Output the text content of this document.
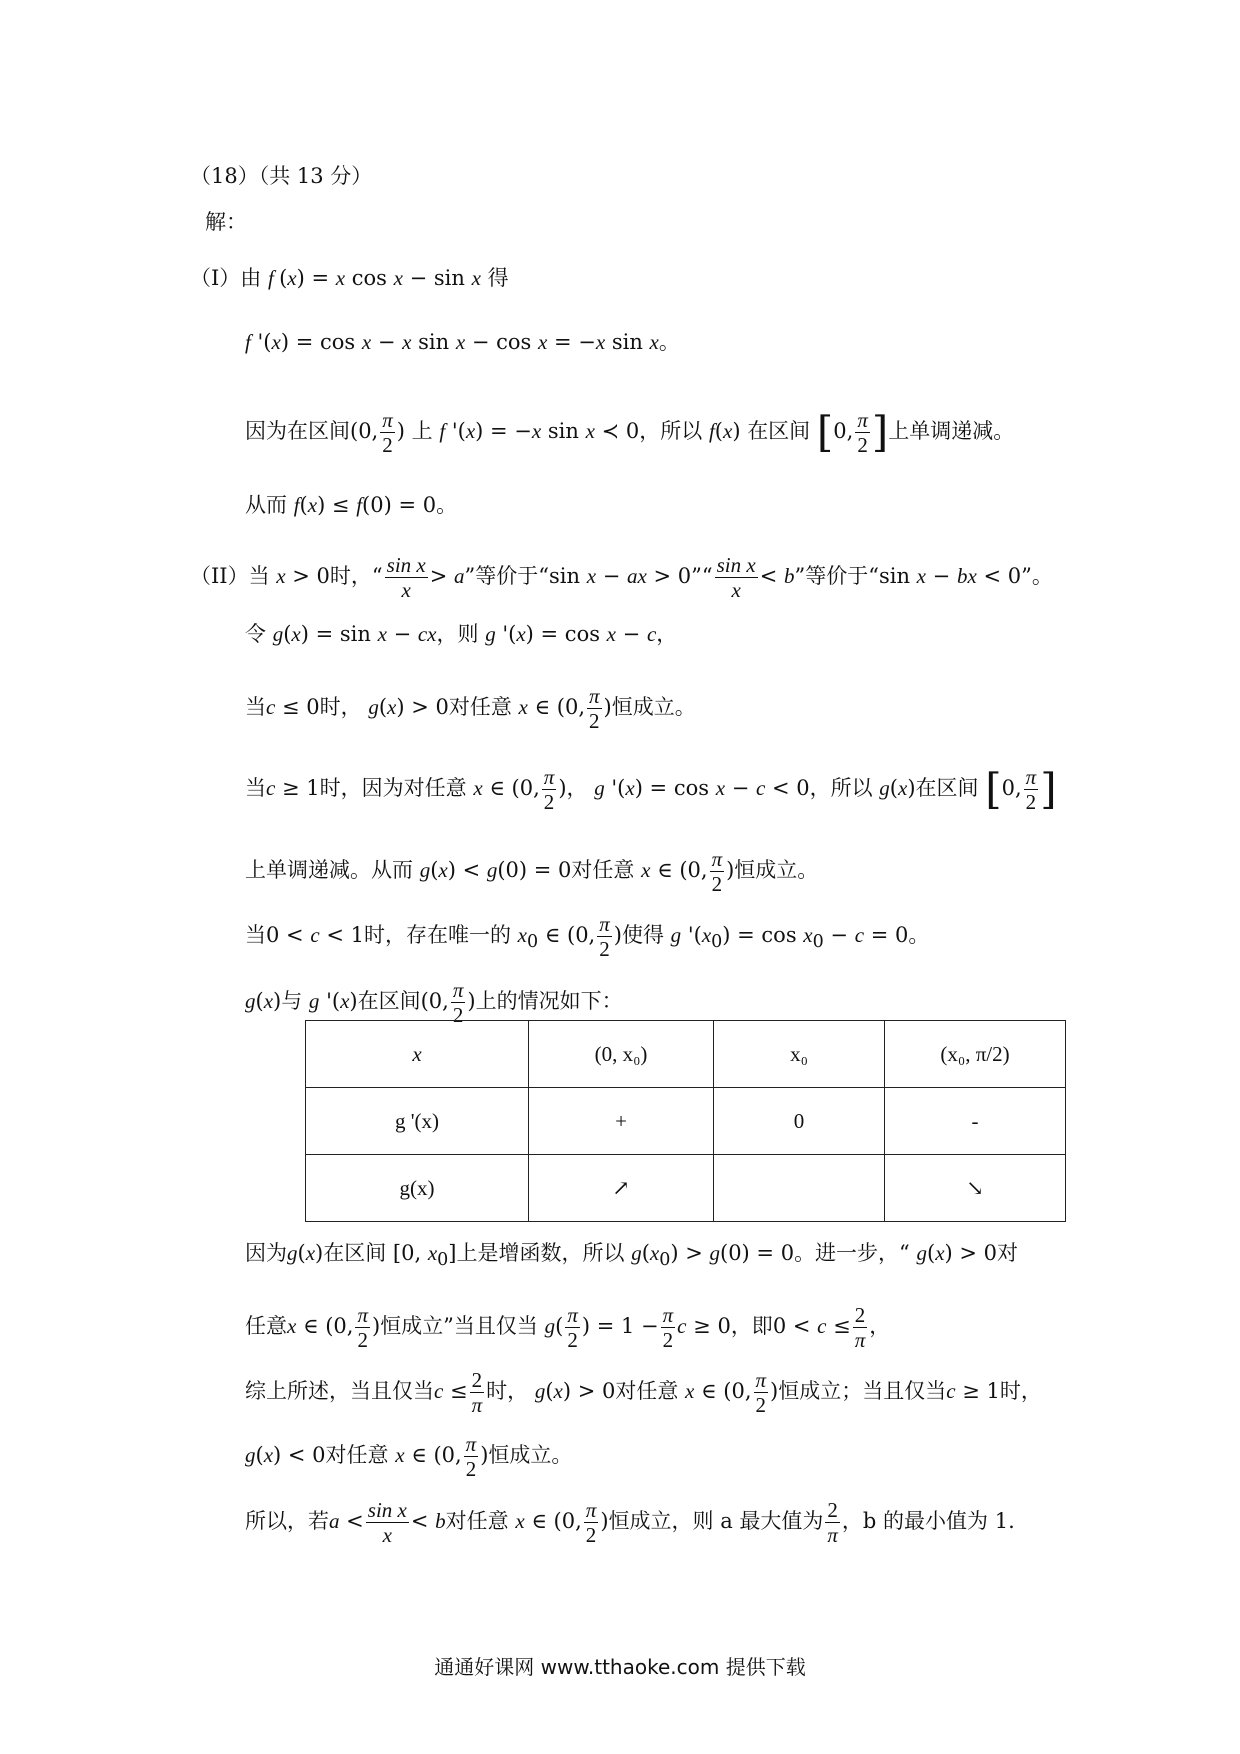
（18）（共 13 分）
解：
（I）由 f (x) = x cos x − sin x 得
f '(x) = cos x − x sin x − cos x = −x sin x。
因为在区间(0, $\frac{\pi}{2}$ ) 上 f '(x) = −x sin x ≺ 0，所以 f(x) 在区间 [0, $\frac{\pi}{2}$ ]上单调递减。
从而 f(x) ≤ f(0) = 0。
（II）当 x > 0时，“ $\frac{\text{sin x}}{x} > a$”等价于“sin x − ax > 0”“ $\frac{\text{sin x}}{x} < b$”等价于“sin x − bx < 0”。
令 g(x) = sin x − cx，则 g '(x) = cos x − c，
当c ≤ 0时， g(x) > 0对任意 x ∈ (0, $\frac{\pi}{2}$ )恒成立。
当c ≥ 1时，因为对任意 x ∈ (0, $\frac{\pi}{2}$ )， g '(x) = cos x − c < 0，所以 g(x)在区间 [0, $\frac{\pi}{2}$ ]
上单调递减。从而 g(x) < g(0) = 0对任意 x ∈ (0, $\frac{\pi}{2}$ )恒成立。
当0 < c < 1时，存在唯一的 $x_0$ ∈ (0, $\frac{\pi}{2}$ )使得 g '$(x_0) = \cos x_0 - c = 0$。
g(x)与 g '(x)在区间(0, $\frac{\pi}{2}$ )上的情况如下：
x	(0, x₀)	x₀	(x₀, π/2)
g '(x)	+	0	-
g(x)	↗		↘
因为g(x)在区间 [0, $x_0$]上是增函数，所以 $g(x_0) > g(0) = 0$。进一步，“ g(x) > 0对
任意x ∈ (0, $\frac{\pi}{2}$ )恒成立”当且仅当 $g( \frac{\pi}{2}$ ) = $1 - \frac{\pi}{2}$ c ≥ 0，即$0 < c \le \frac{2}{\pi}$ ，
综上所述，当且仅当$c \le \frac{2}{\pi}$ 时， g(x) > 0对任意 x ∈ (0, $\frac{\pi}{2}$ )恒成立；当且仅当c ≥ 1时，
g(x) < 0对任意 x ∈ (0, $\frac{\pi}{2}$ )恒成立。
所以，若$a < \frac{\text{sin x}}{x} < b$对任意 x ∈ (0, $\frac{\pi}{2}$ )恒成立，则 a 最大值为 $\frac{2}{\pi}$ ，b 的最小值为 1.
通通好课网 www.tthaoke.com 提供下载
